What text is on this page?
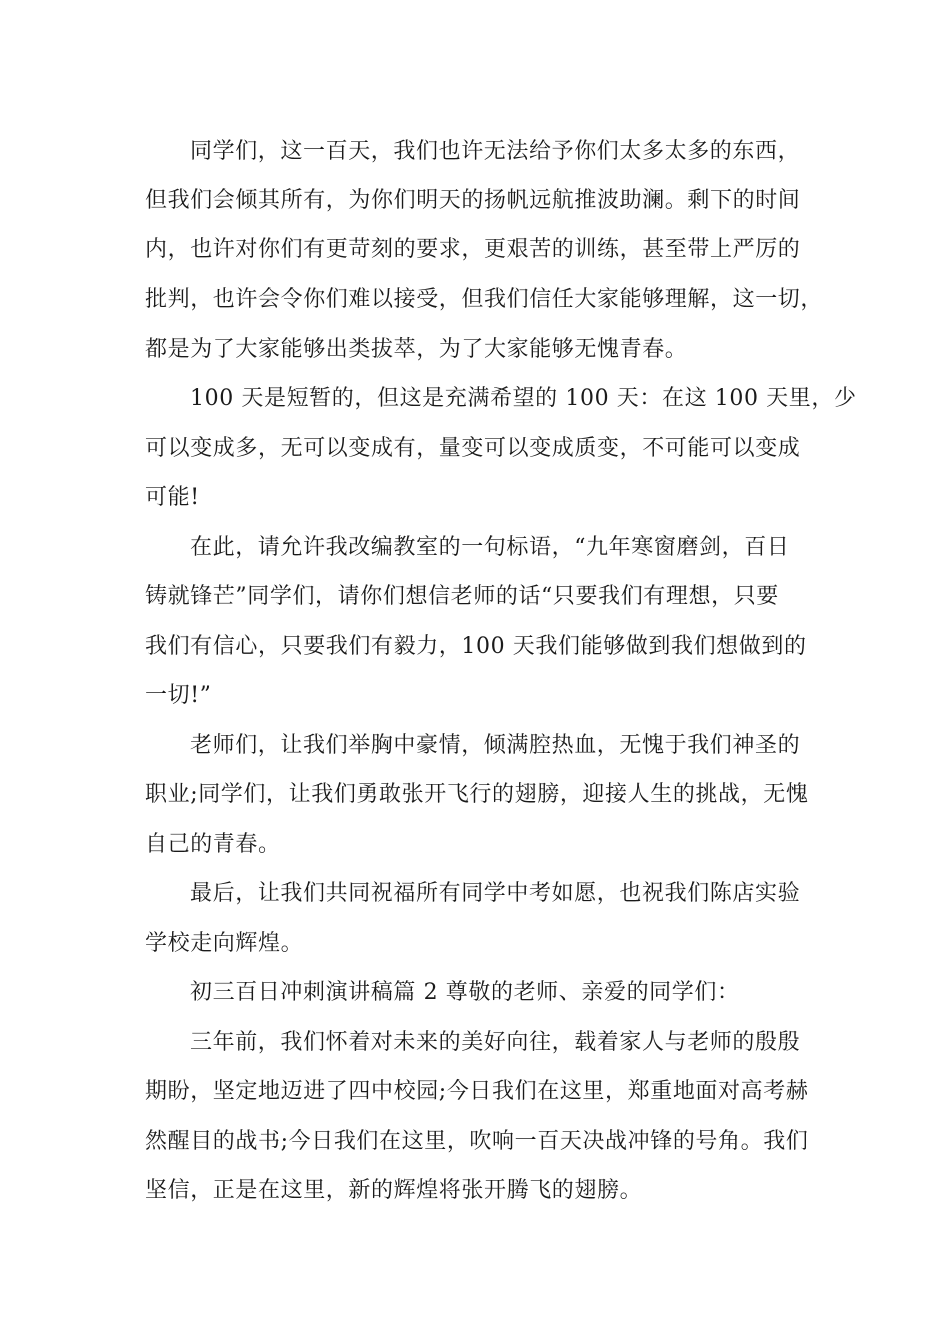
同学们，这一百天，我们也许无法给予你们太多太多的东西，
但我们会倾其所有，为你们明天的扬帆远航推波助澜。剩下的时间
内，也许对你们有更苛刻的要求，更艰苦的训练，甚至带上严厉的
批判，也许会令你们难以接受，但我们信任大家能够理解，这一切，
都是为了大家能够出类拔萃，为了大家能够无愧青春。
100 天是短暂的，但这是充满希望的 100 天：在这 100 天里，少
可以变成多，无可以变成有，量变可以变成质变，不可能可以变成
可能!
在此，请允许我改编教室的一句标语，“九年寒窗磨剑，百日
铸就锋芒”同学们，请你们想信老师的话“只要我们有理想，只要
我们有信心，只要我们有毅力，100 天我们能够做到我们想做到的
一切!”
老师们，让我们举胸中豪情，倾满腔热血，无愧于我们神圣的
职业;同学们，让我们勇敢张开飞行的翅膀，迎接人生的挑战，无愧
自己的青春。
最后，让我们共同祝福所有同学中考如愿，也祝我们陈店实验
学校走向辉煌。
初三百日冲刺演讲稿篇 2 尊敬的老师、亲爱的同学们：
三年前，我们怀着对未来的美好向往，载着家人与老师的殷殷
期盼，坚定地迈进了四中校园;今日我们在这里，郑重地面对高考赫
然醒目的战书;今日我们在这里，吹响一百天决战冲锋的号角。我们
坚信，正是在这里，新的辉煌将张开腾飞的翅膀。
